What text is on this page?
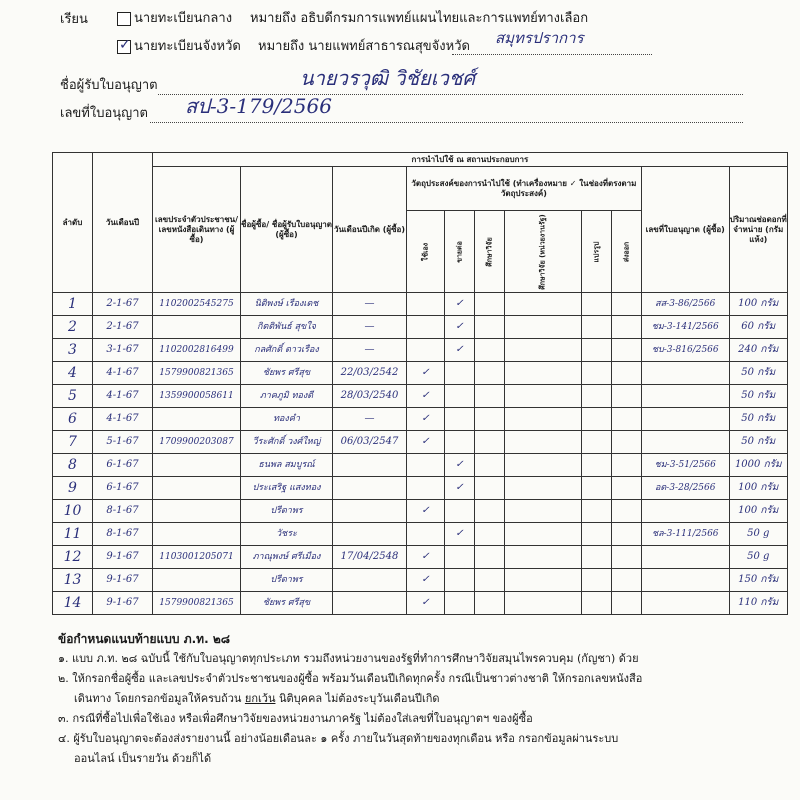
เรียน	นายทะเบียนกลาง หมายถึง อธิบดีกรมการแพทย์แผนไทยและการแพทย์ทางเลือก
✓ นายทะเบียนจังหวัด หมายถึง นายแพทย์สาธารณสุขจังหวัด สมุทรปราการ
ชื่อผู้รับใบอนุญาต	นายวรวุฒิ วิชัยเวชศ์
เลขที่ใบอนุญาต สป-3-179/2566
ลำดับ	วันเดือนปี	การนำไปใช้ ณ สถานประกอบการ										
		เลขประจำตัวประชาชน/ เลขหนังสือเดินทาง (ผู้ซื้อ)	ชื่อผู้ซื้อ/ ชื่อผู้รับใบอนุญาต (ผู้ซื้อ)	วันเดือนปีเกิด (ผู้ซื้อ)	วัตถุประสงค์ของการนำไปใช้ (ทำเครื่องหมาย ✓ ในช่องที่ตรงตามวัตถุประสงค์)						เลขที่ใบอนุญาต (ผู้ซื้อ)	ปริมาณช่อดอกที่จำหน่าย (กรัมแห้ง)

					ใช้เอง	ขายต่อ	ศึกษาวิจัย	ศึกษาวิจัย (หน่วยงานรัฐ)	แปรรูป	ส่งออก		

1	2-1-67	1102002545275	นิติพงษ์ เรืองเดช	—		✓					สส-3-86/2566	100 กรัม
2	2-1-67		กิตติพันธ์ สุขใจ	—		✓					ชม-3-141/2566	60 กรัม
3	3-1-67	1102002816499	กลศักดิ์ ดาวเรือง	—		✓					ชบ-3-816/2566	240 กรัม
4	4-1-67	1579900821365	ชัยพร ศรีสุข	22/03/2542	✓							50 กรัม
5	4-1-67	1359900058611	ภาคภูมิ ทองดี	28/03/2540	✓							50 กรัม
6	4-1-67		ทองคำ	—	✓							50 กรัม
7	5-1-67	1709900203087	วีระศักดิ์ วงศ์ใหญ่	06/03/2547	✓							50 กรัม
8	6-1-67		ธนพล สมบูรณ์			✓					ชม-3-51/2566	1000 กรัม
9	6-1-67		ประเสริฐ แสงทอง			✓					อด-3-28/2566	100 กรัม
10	8-1-67		ปรีดาพร		✓							100 กรัม
11	8-1-67		วัชระ			✓					ชล-3-111/2566	50 g
12	9-1-67	1103001205071	ภาณุพงษ์ ศรีเมือง	17/04/2548	✓							50 g
13	9-1-67		ปรีดาพร		✓							150 กรัม
14	9-1-67	1579900821365	ชัยพร ศรีสุข		✓							110 กรัม
ข้อกำหนดแนบท้ายแบบ ภ.ท. ๒๘
๑. แบบ ภ.ท. ๒๘ ฉบับนี้ ใช้กับใบอนุญาตทุกประเภท รวมถึงหน่วยงานของรัฐที่ทำการศึกษาวิจัยสมุนไพรควบคุม (กัญชา) ด้วย
๒. ให้กรอกชื่อผู้ซื้อ และเลขประจำตัวประชาชนของผู้ซื้อ พร้อมวันเดือนปีเกิดทุกครั้ง กรณีเป็นชาวต่างชาติ ให้กรอกเลขหนังสือ
เดินทาง โดยกรอกข้อมูลให้ครบถ้วน ยกเว้น นิติบุคคล ไม่ต้องระบุวันเดือนปีเกิด
๓. กรณีที่ซื้อไปเพื่อใช้เอง หรือเพื่อศึกษาวิจัยของหน่วยงานภาครัฐ ไม่ต้องใส่เลขที่ใบอนุญาตฯ ของผู้ซื้อ
๔. ผู้รับใบอนุญาตจะต้องส่งรายงานนี้ อย่างน้อยเดือนละ ๑ ครั้ง ภายในวันสุดท้ายของทุกเดือน หรือ กรอกข้อมูลผ่านระบบ
ออนไลน์ เป็นรายวัน ด้วยก็ได้
